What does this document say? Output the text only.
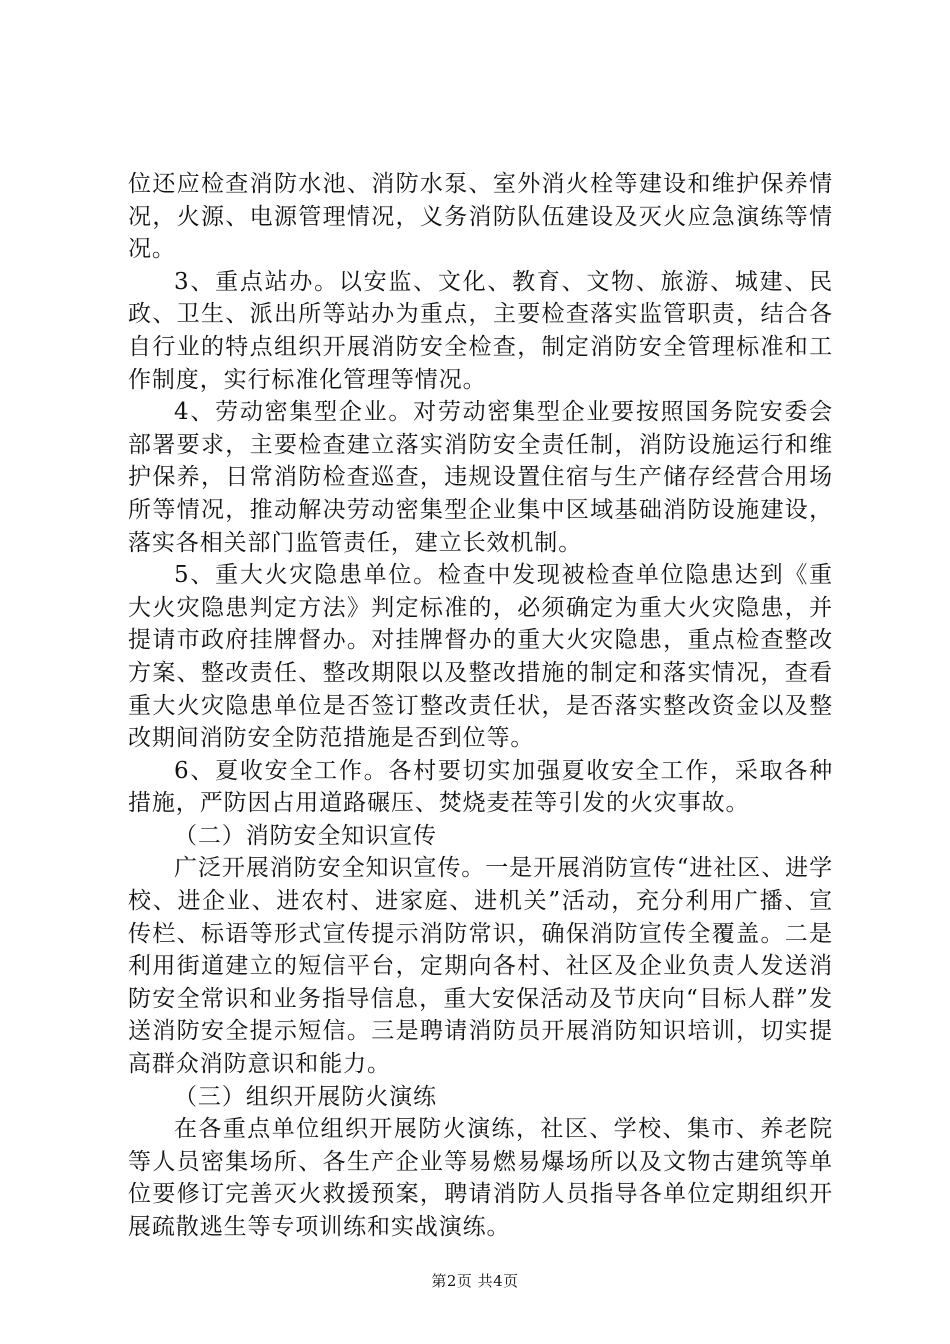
位还应检查消防水池、消防水泵、室外消火栓等建设和维护保养情况，火源、电源管理情况，义务消防队伍建设及灭火应急演练等情况。

3、重点站办。以安监、文化、教育、文物、旅游、城建、民政、卫生、派出所等站办为重点，主要检查落实监管职责，结合各自行业的特点组织开展消防安全检查，制定消防安全管理标准和工作制度，实行标准化管理等情况。

4、劳动密集型企业。对劳动密集型企业要按照国务院安委会部署要求，主要检查建立落实消防安全责任制，消防设施运行和维护保养，日常消防检查巡查，违规设置住宿与生产储存经营合用场所等情况，推动解决劳动密集型企业集中区域基础消防设施建设，落实各相关部门监管责任，建立长效机制。

5、重大火灾隐患单位。检查中发现被检查单位隐患达到《重大火灾隐患判定方法》判定标准的，必须确定为重大火灾隐患，并提请市政府挂牌督办。对挂牌督办的重大火灾隐患，重点检查整改方案、整改责任、整改期限以及整改措施的制定和落实情况，查看重大火灾隐患单位是否签订整改责任状，是否落实整改资金以及整改期间消防安全防范措施是否到位等。

6、夏收安全工作。各村要切实加强夏收安全工作，采取各种措施，严防因占用道路碾压、焚烧麦茬等引发的火灾事故。

（二）消防安全知识宣传

广泛开展消防安全知识宣传。一是开展消防宣传“进社区、进学校、进企业、进农村、进家庭、进机关”活动，充分利用广播、宣传栏、标语等形式宣传提示消防常识，确保消防宣传全覆盖。二是利用街道建立的短信平台，定期向各村、社区及企业负责人发送消防安全常识和业务指导信息，重大安保活动及节庆向“目标人群”发送消防安全提示短信。三是聘请消防员开展消防知识培训，切实提高群众消防意识和能力。

（三）组织开展防火演练

在各重点单位组织开展防火演练，社区、学校、集市、养老院等人员密集场所、各生产企业等易燃易爆场所以及文物古建筑等单位要修订完善灭火救援预案，聘请消防人员指导各单位定期组织开展疏散逃生等专项训练和实战演练。

第2页 共4页
